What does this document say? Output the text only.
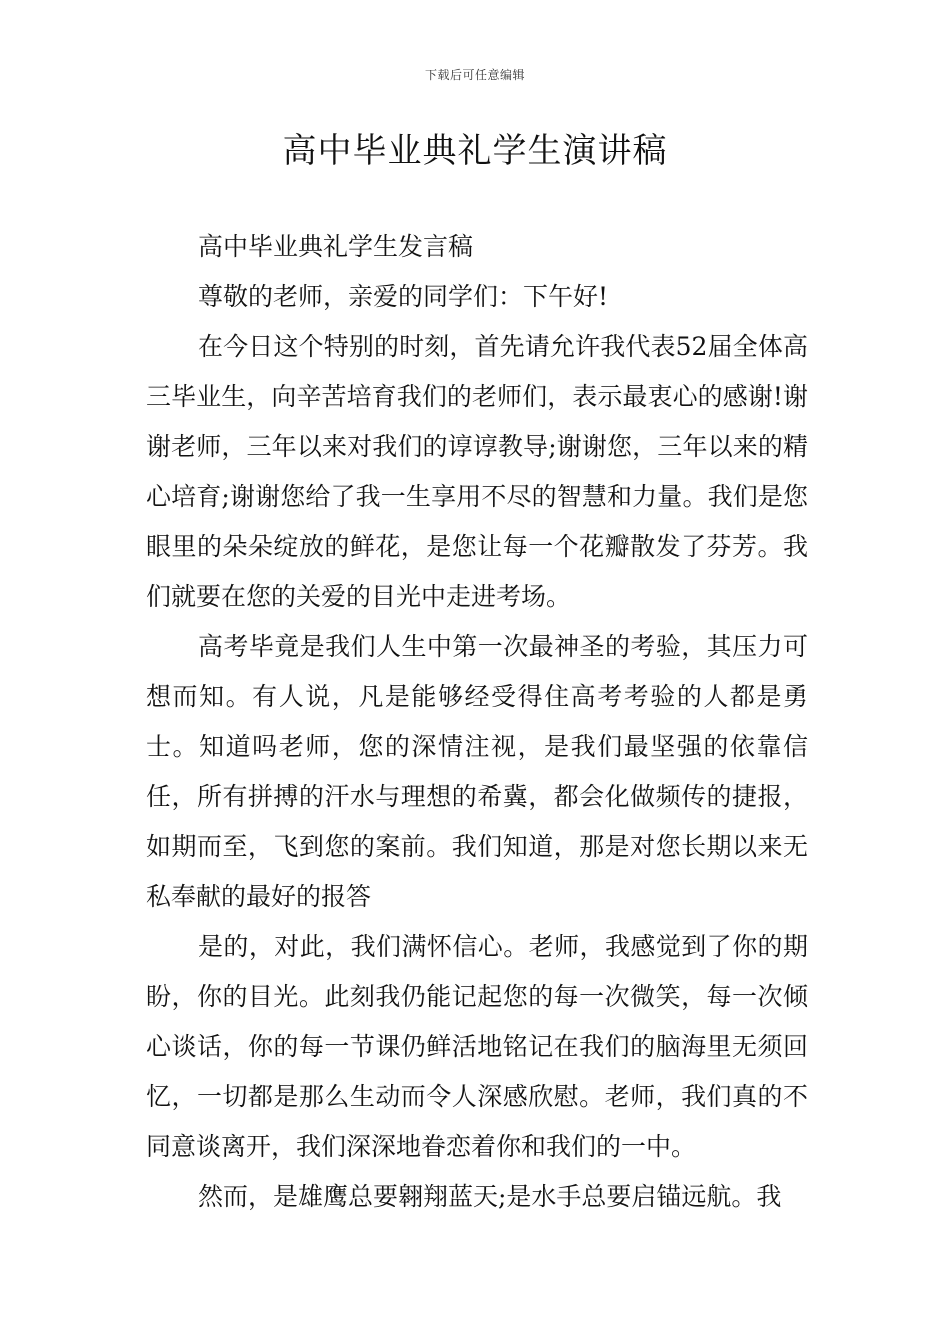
下载后可任意编辑
高中毕业典礼学生演讲稿

高中毕业典礼学生发言稿

尊敬的老师，亲爱的同学们：下午好!

在今日这个特别的时刻，首先请允许我代表52届全体高三毕业生，向辛苦培育我们的老师们，表示最衷心的感谢!谢谢老师，三年以来对我们的谆谆教导;谢谢您，三年以来的精心培育;谢谢您给了我一生享用不尽的智慧和力量。我们是您眼里的朵朵绽放的鲜花，是您让每一个花瓣散发了芬芳。我们就要在您的关爱的目光中走进考场。

高考毕竟是我们人生中第一次最神圣的考验，其压力可想而知。有人说，凡是能够经受得住高考考验的人都是勇士。知道吗老师，您的深情注视，是我们最坚强的依靠信任，所有拼搏的汗水与理想的希冀，都会化做频传的捷报，如期而至，飞到您的案前。我们知道，那是对您长期以来无私奉献的最好的报答

是的，对此，我们满怀信心。老师，我感觉到了你的期盼，你的目光。此刻我仍能记起您的每一次微笑，每一次倾心谈话，你的每一节课仍鲜活地铭记在我们的脑海里无须回忆，一切都是那么生动而令人深感欣慰。老师，我们真的不同意谈离开，我们深深地眷恋着你和我们的一中。

然而，是雄鹰总要翱翔蓝天;是水手总要启锚远航。我
